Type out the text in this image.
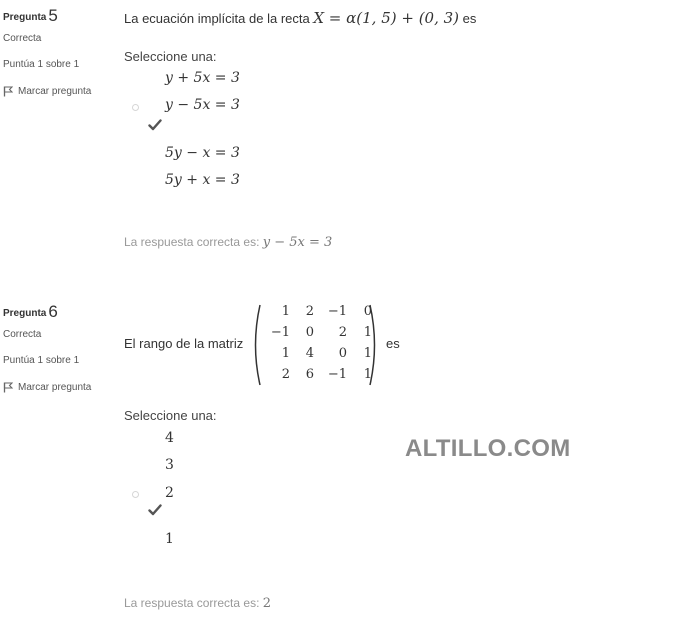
Pregunta 5
Correcta
Puntúa 1 sobre 1
Marcar pregunta
La ecuación implícita de la recta X = α(1, 5) + (0, 3) es
Seleccione una:
y + 5x = 3
y − 5x = 3
5y − x = 3
5y + x = 3
La respuesta correcta es: y − 5x = 3
Pregunta 6
Correcta
Puntúa 1 sobre 1
Marcar pregunta
El rango de la matriz
1	2	−1	0
−1	0	2	1
1	4	0	1
2	6	−1	1
es
Seleccione una:
4
3
2
1
La respuesta correcta es: 2
ALTILLO.COM
